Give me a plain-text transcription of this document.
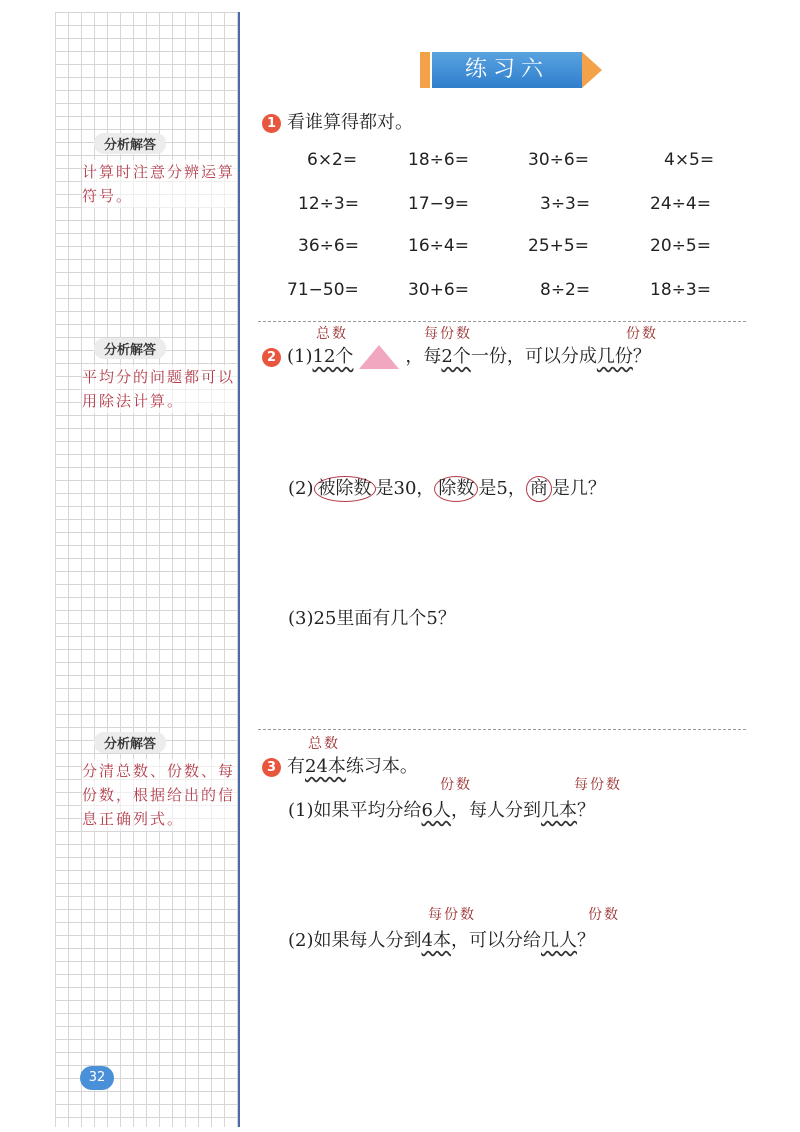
分析解答
计算时注意分辨运算符号。
分析解答
平均分的问题都可以用除法计算。
分析解答
分清总数、份数、每份数，根据给出的信息正确列式。
练习六
1 看谁算得都对。
6×2=	18÷6=	30÷6=	4×5=
12÷3=	17−9=	3÷3=	24÷4=
36÷6=	16÷4=	25+5=	20÷5=
71−50=	30+6=	8÷2=	18÷3=
总数	每份数	份数
2 (1)12个	，每2个一份，可以分成几份？
(2) 被除数 是30， 除数 是5， 商 是几？
(3)25里面有几个5？
总数
3 有24本练习本。
份数	每份数
(1)如果平均分给6人，每人分到几本？
每份数	份数
(2)如果每人分到4本，可以分给几人？
32
